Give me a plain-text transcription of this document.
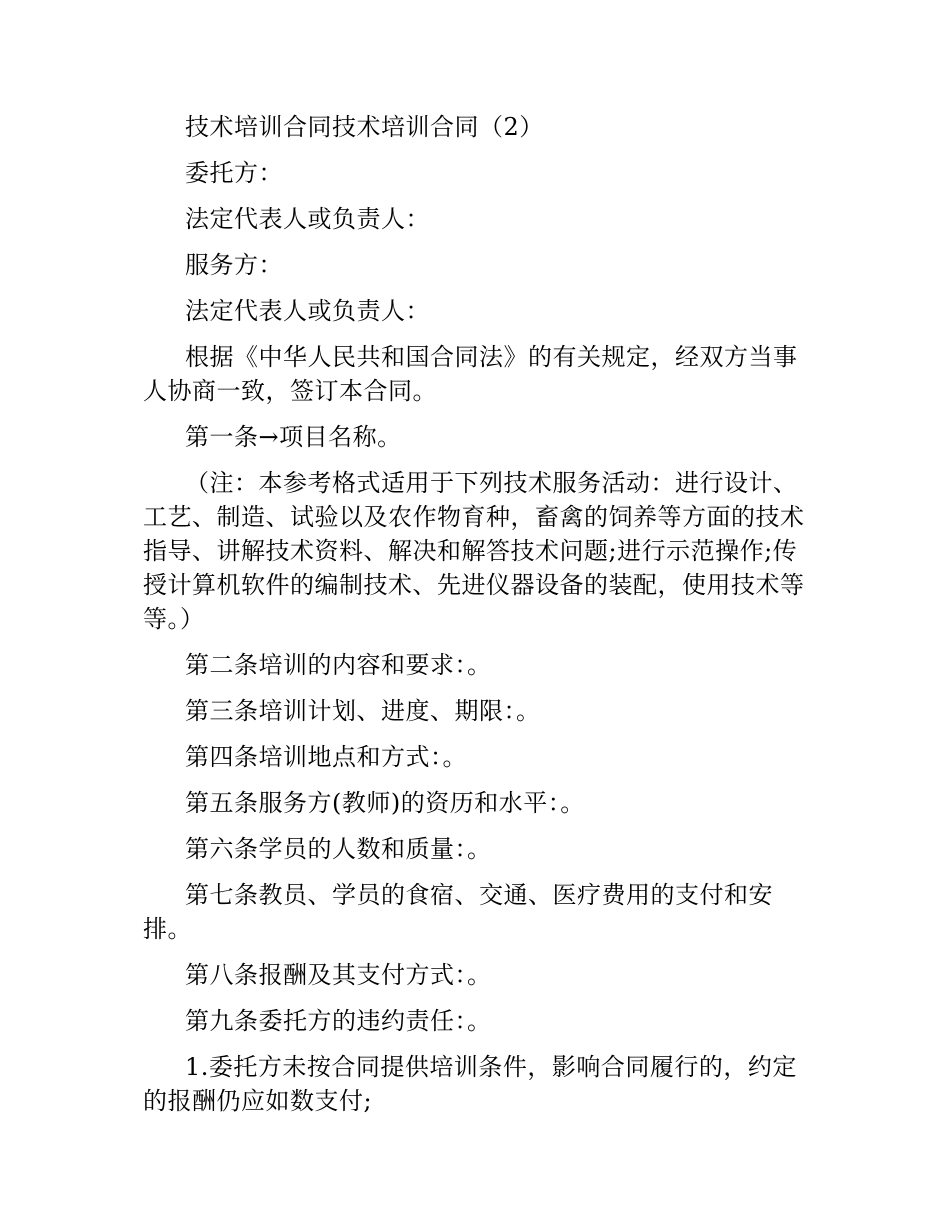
技术培训合同技术培训合同（2）

委托方：

法定代表人或负责人：

服务方：

法定代表人或负责人：

根据《中华人民共和国合同法》的有关规定，经双方当事人协商一致，签订本合同。

第一条→项目名称。

（注：本参考格式适用于下列技术服务活动：进行设计、工艺、制造、试验以及农作物育种，畜禽的饲养等方面的技术指导、讲解技术资料、解决和解答技术问题;进行示范操作;传授计算机软件的编制技术、先进仪器设备的装配，使用技术等等。）

第二条培训的内容和要求：。

第三条培训计划、进度、期限：。

第四条培训地点和方式：。

第五条服务方(教师)的资历和水平：。

第六条学员的人数和质量：。

第七条教员、学员的食宿、交通、医疗费用的支付和安排。

第八条报酬及其支付方式：。

第九条委托方的违约责任：。

1.委托方未按合同提供培训条件，影响合同履行的，约定的报酬仍应如数支付;
